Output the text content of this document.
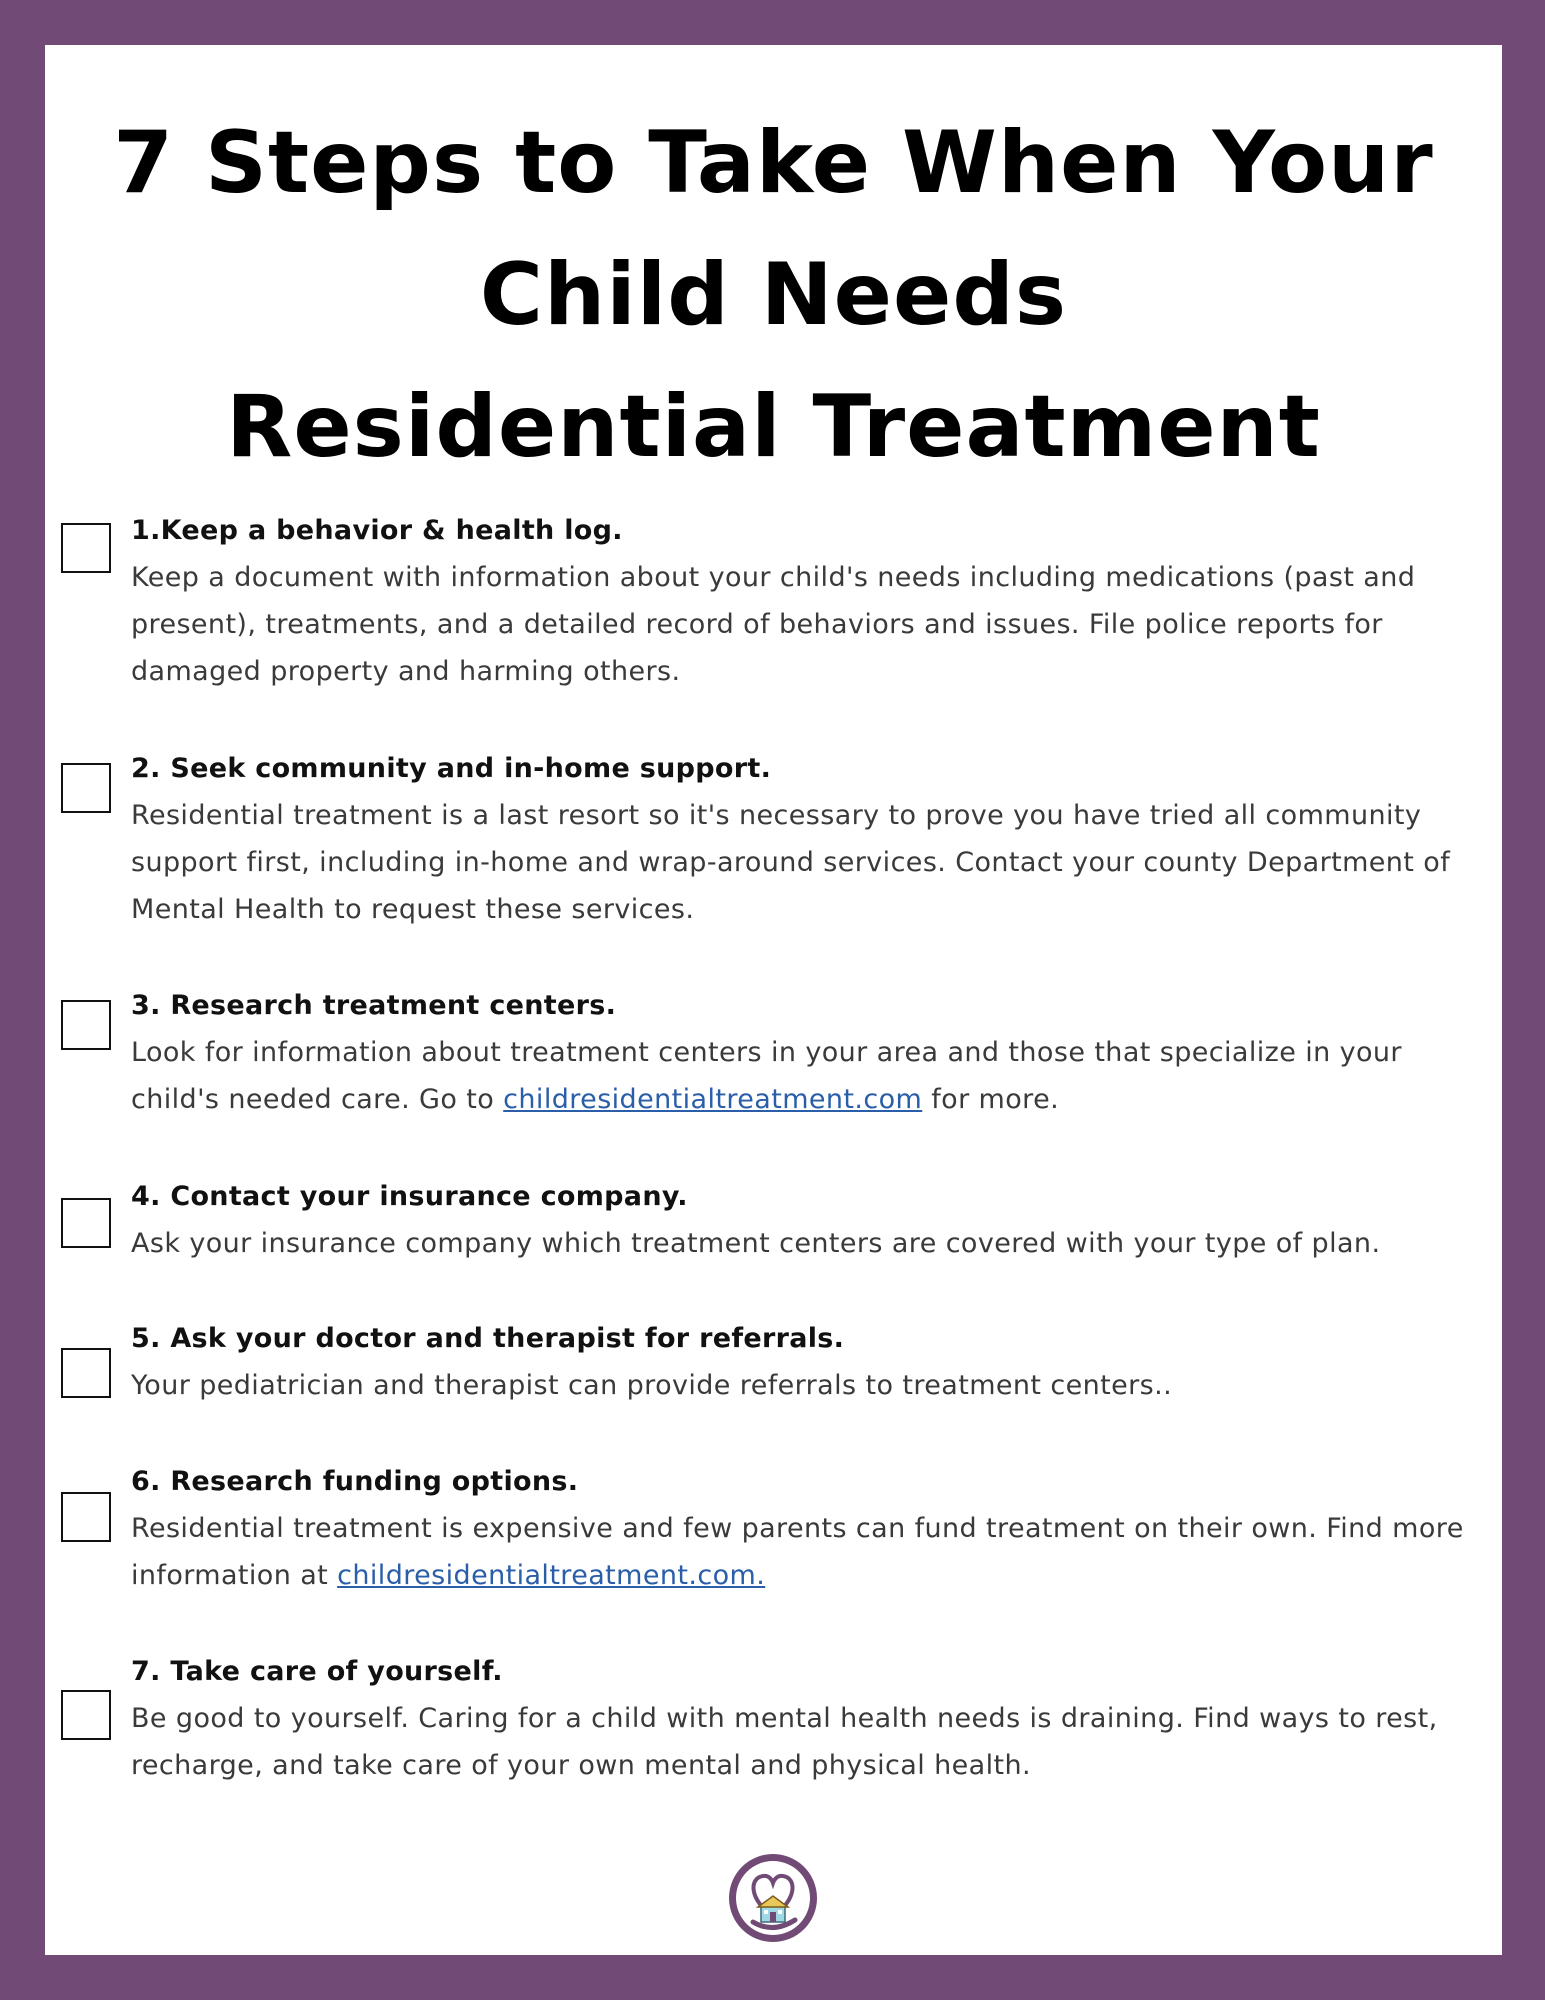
7 Steps to Take When Your
Child Needs
Residential Treatment
1.Keep a behavior & health log.
Keep a document with information about your child's needs including medications (past and present), treatments, and a detailed record of behaviors and issues. File police reports for damaged property and harming others.
2. Seek community and in-home support.
Residential treatment is a last resort so it's necessary to prove you have tried all community support first, including in-home and wrap-around services. Contact your county Department of Mental Health to request these services.
3. Research treatment centers.
Look for information about treatment centers in your area and those that specialize in your child's needed care. Go to childresidentialtreatment.com for more.
4. Contact your insurance company.
Ask your insurance company which treatment centers are covered with your type of plan.
5. Ask your doctor and therapist for referrals.
Your pediatrician and therapist can provide referrals to treatment centers..
6. Research funding options.
Residential treatment is expensive and few parents can fund treatment on their own. Find more information at childresidentialtreatment.com.
7. Take care of yourself.
Be good to yourself. Caring for a child with mental health needs is draining. Find ways to rest, recharge, and take care of your own mental and physical health.
